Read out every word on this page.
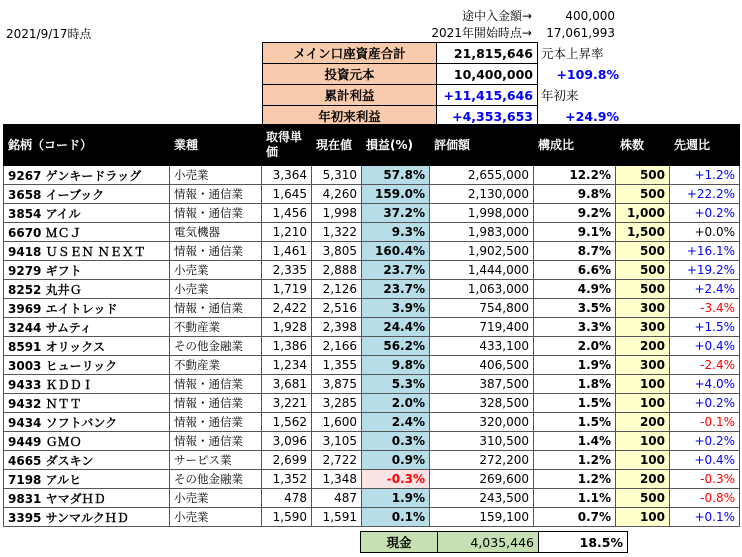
2021/9/17時点
途中入金額→	400,000
2021年開始時点→	17,061,993
メイン口座資産合計	21,815,646	元本上昇率
投資元本	10,400,000	+109.8%
累計利益	+11,415,646	年初来
年初来利益	+4,353,653	+24.9%
銘柄（コード）	業種	取得単価	現在値	損益(%)	評価額	構成比	株数	先週比
9267 ゲンキードラッグ	小売業	3,364	5,310	57.8%	2,655,000	12.2%	500	+1.2%
3658 イーブック	情報・通信業	1,645	4,260	159.0%	2,130,000	9.8%	500	+22.2%
3854 アイル	情報・通信業	1,456	1,998	37.2%	1,998,000	9.2%	1,000	+0.2%
6670 ＭＣＪ	電気機器	1,210	1,322	9.3%	1,983,000	9.1%	1,500	+0.0%
9418 ＵＳＥＮ ＮＥＸＴ	情報・通信業	1,461	3,805	160.4%	1,902,500	8.7%	500	+16.1%
9279 ギフト	小売業	2,335	2,888	23.7%	1,444,000	6.6%	500	+19.2%
8252 丸井Ｇ	小売業	1,719	2,126	23.7%	1,063,000	4.9%	500	+2.4%
3969 エイトレッド	情報・通信業	2,422	2,516	3.9%	754,800	3.5%	300	-3.4%
3244 サムティ	不動産業	1,928	2,398	24.4%	719,400	3.3%	300	+1.5%
8591 オリックス	その他金融業	1,386	2,166	56.2%	433,100	2.0%	200	+0.4%
3003 ヒューリック	不動産業	1,234	1,355	9.8%	406,500	1.9%	300	-2.4%
9433 ＫＤＤＩ	情報・通信業	3,681	3,875	5.3%	387,500	1.8%	100	+4.0%
9432 ＮＴＴ	情報・通信業	3,221	3,285	2.0%	328,500	1.5%	100	+0.2%
9434 ソフトバンク	情報・通信業	1,562	1,600	2.4%	320,000	1.5%	200	-0.1%
9449 ＧＭＯ	情報・通信業	3,096	3,105	0.3%	310,500	1.4%	100	+0.2%
4665 ダスキン	サービス業	2,699	2,722	0.9%	272,200	1.2%	100	+0.4%
7198 アルヒ	その他金融業	1,352	1,348	-0.3%	269,600	1.2%	200	-0.3%
9831 ヤマダＨＤ	小売業	478	487	1.9%	243,500	1.1%	500	-0.8%
3395 サンマルクＨＤ	小売業	1,590	1,591	0.1%	159,100	0.7%	100	+0.1%
現金	4,035,446	18.5%
